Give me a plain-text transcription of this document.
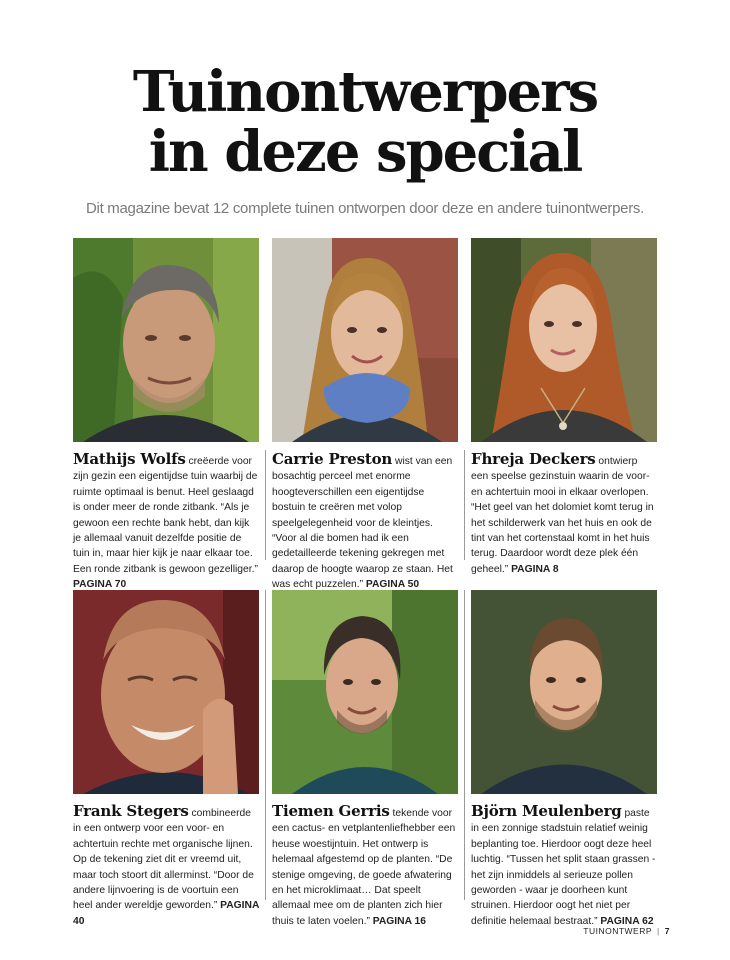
Tuinontwerpers
in deze special
Dit magazine bevat 12 complete tuinen ontworpen door deze en andere tuinontwerpers.
Mathijs Wolfs creëerde voor zijn gezin een eigentijdse tuin waarbij de ruimte optimaal is benut. Heel geslaagd is onder meer de ronde zitbank. “Als je gewoon een rechte bank hebt, dan kijk je allemaal vanuit dezelfde positie de tuin in, maar hier kijk je naar elkaar toe. Een ronde zitbank is gewoon gezelliger.” PAGINA 70
Carrie Preston wist van een bosachtig perceel met enorme hoogteverschillen een eigentijdse bostuin te creëren met volop speelgelegenheid voor de kleintjes. “Voor al die bomen had ik een gedetailleerde tekening gekregen met daarop de hoogte waarop ze staan. Het was echt puzzelen.” PAGINA 50
Fhreja Deckers ontwierp een speelse gezinstuin waarin de voor- en achtertuin mooi in elkaar overlopen. “Het geel van het dolomiet komt terug in het schilderwerk van het huis en ook de tint van het cortenstaal komt in het huis terug. Daardoor wordt deze plek één geheel.” PAGINA 8
Frank Stegers combineerde in een ontwerp voor een voor- en achtertuin rechte met organische lijnen. Op de tekening ziet dit er vreemd uit, maar toch stoort dit allerminst. “Door de andere lijnvoering is de voortuin een heel ander wereldje geworden.” PAGINA 40
Tiemen Gerris tekende voor een cactus- en vetplantenliefhebber een heuse woestijntuin. Het ontwerp is helemaal afgestemd op de planten. “De stenige omgeving, de goede afwatering en het microklimaat… Dat speelt allemaal mee om de planten zich hier thuis te laten voelen.” PAGINA 16
Björn Meulenberg paste in een zonnige stadstuin relatief weinig beplanting toe. Hierdoor oogt deze heel luchtig. “Tussen het split staan grassen - het zijn inmiddels al serieuze pollen geworden - waar je doorheen kunt struinen. Hierdoor oogt het niet per definitie helemaal bestraat.” PAGINA 62
TUINONTWERP | 7
